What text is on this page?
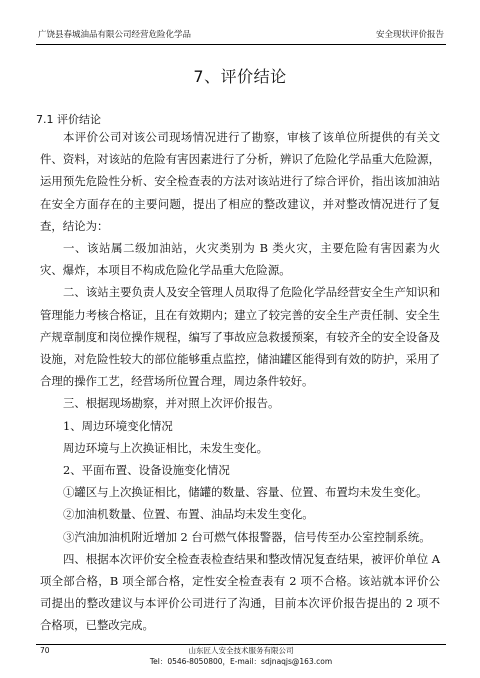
广饶县春城油品有限公司经营危险化学品	安全现状评价报告
7、评价结论
7.1 评价结论

本评价公司对该公司现场情况进行了勘察，审核了该单位所提供的有关文件、资料，对该站的危险有害因素进行了分析，辨识了危险化学品重大危险源，运用预先危险性分析、安全检查表的方法对该站进行了综合评价，指出该加油站在安全方面存在的主要问题，提出了相应的整改建议，并对整改情况进行了复查，结论为：

一、该站属二级加油站，火灾类别为 B 类火灾，主要危险有害因素为火灾、爆炸，本项目不构成危险化学品重大危险源。

二、该站主要负责人及安全管理人员取得了危险化学品经营安全生产知识和管理能力考核合格证，且在有效期内；建立了较完善的安全生产责任制、安全生产规章制度和岗位操作规程，编写了事故应急救援预案，有较齐全的安全设备及设施，对危险性较大的部位能够重点监控，储油罐区能得到有效的防护，采用了合理的操作工艺，经营场所位置合理，周边条件较好。

三、根据现场勘察，并对照上次评价报告。

1、周边环境变化情况

周边环境与上次换证相比，未发生变化。

2、平面布置、设备设施变化情况

①罐区与上次换证相比，储罐的数量、容量、位置、布置均未发生变化。

②加油机数量、位置、布置、油品均未发生变化。

③汽油加油机附近增加 2 台可燃气体报警器，信号传至办公室控制系统。

四、根据本次评价安全检查表检查结果和整改情况复查结果，被评价单位 A 项全部合格，B 项全部合格，定性安全检查表有 2 项不合格。该站就本评价公司提出的整改建议与本评价公司进行了沟通，目前本次评价报告提出的 2 项不合格项，已整改完成。

70	山东匠人安全技术服务有限公司
Tel：0546-8050800，E-mail：sdjnaqjs@163.com
